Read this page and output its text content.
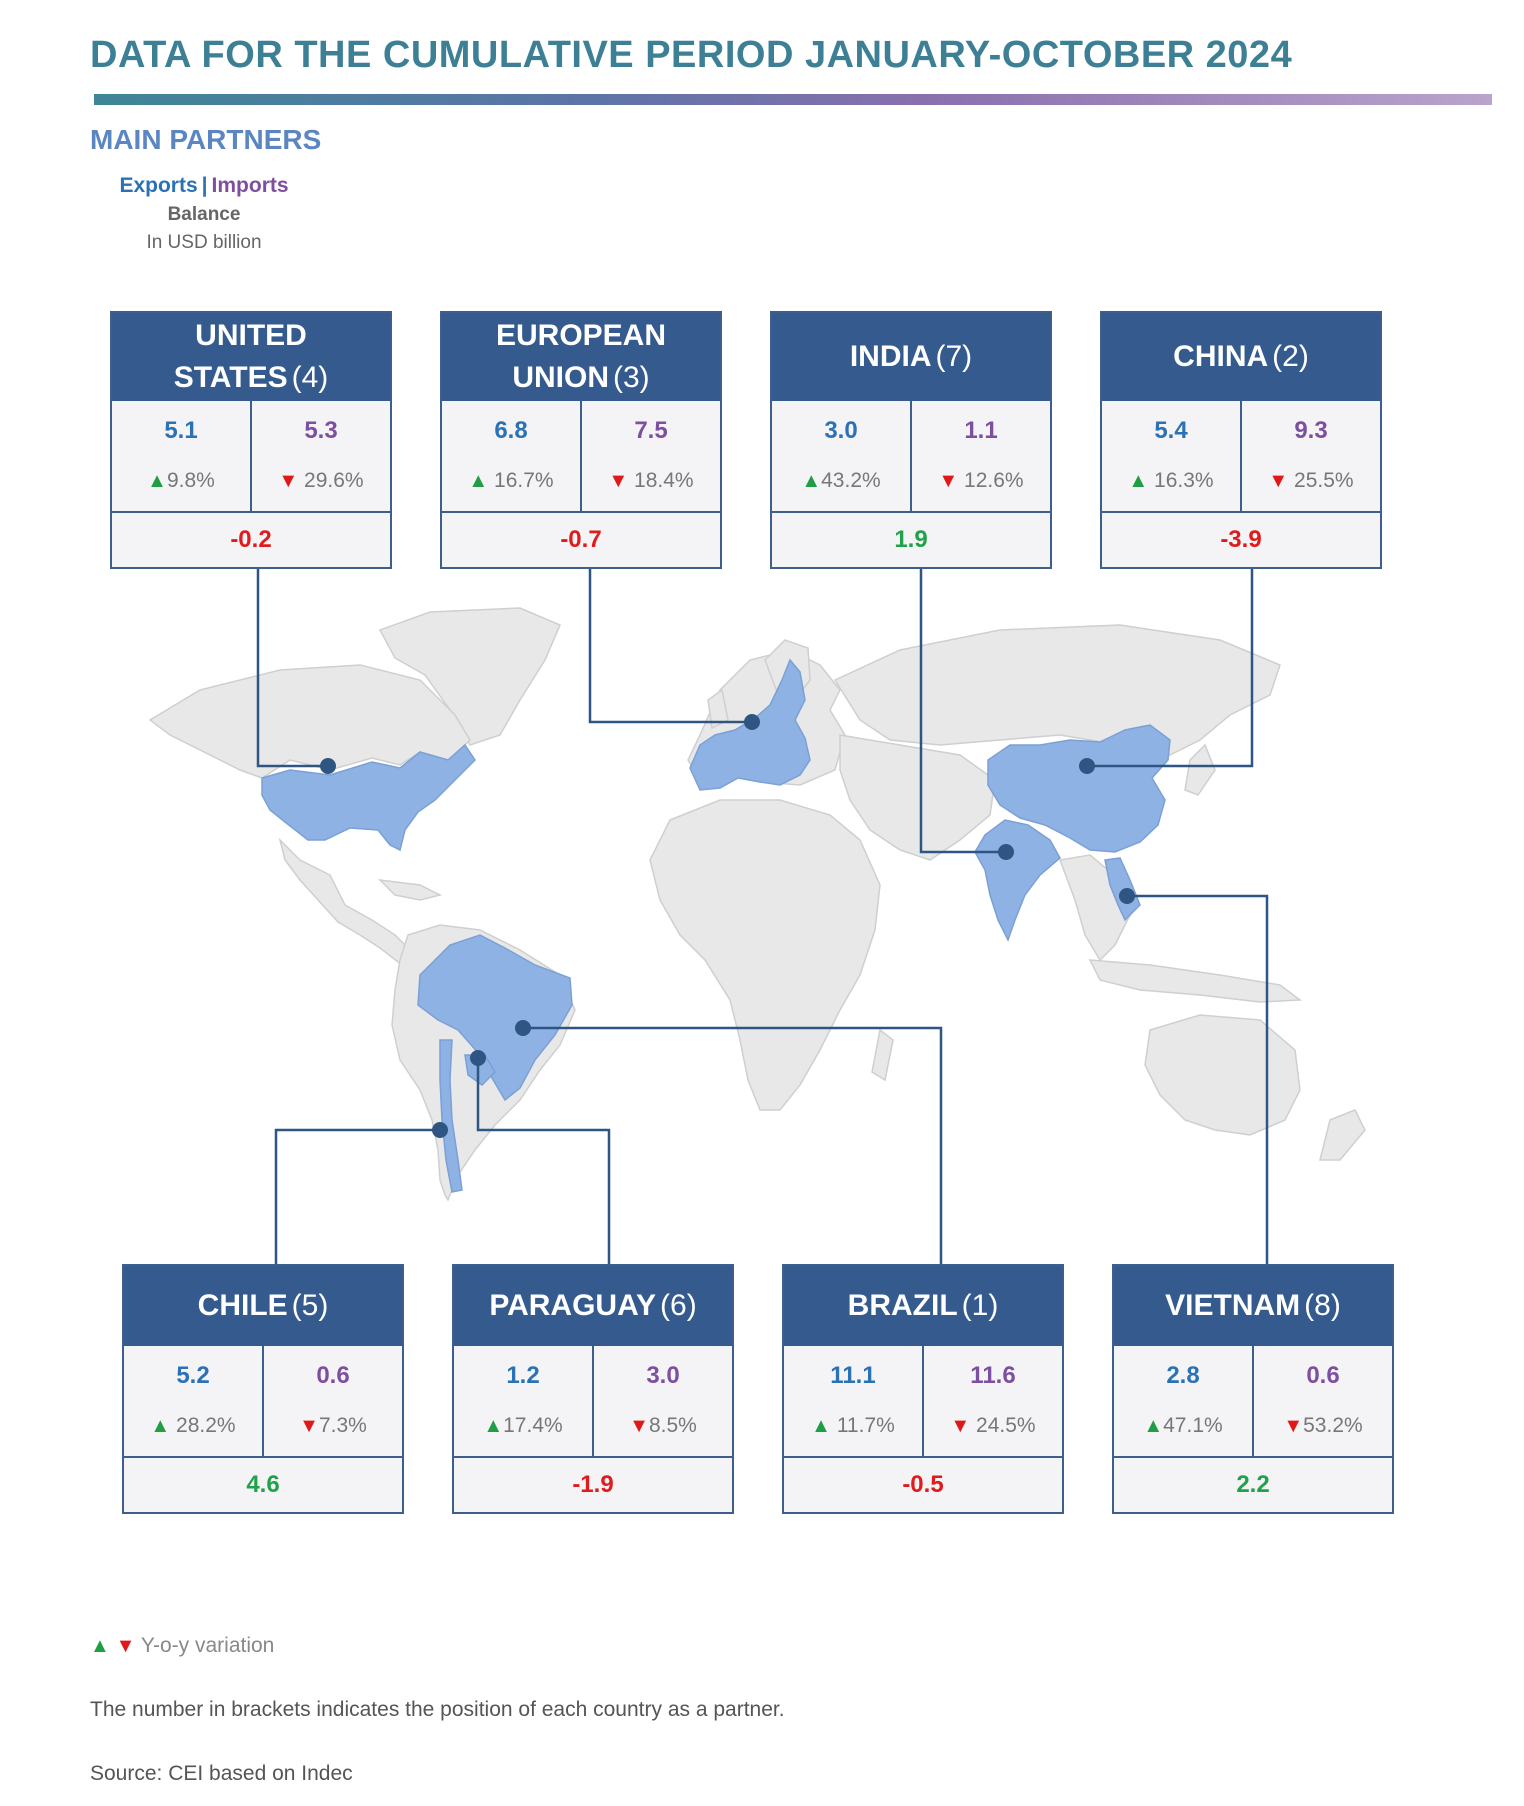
DATA FOR THE CUMULATIVE PERIOD JANUARY-OCTOBER 2024
MAIN PARTNERS
Exports | Imports
Balance
In USD billion
UNITED STATES (4)
5.1
▲9.8%
5.3
▼ 29.6%
-0.2
EUROPEAN UNION (3)
6.8
▲ 16.7%
7.5
▼ 18.4%
-0.7
INDIA (7)
3.0
▲43.2%
1.1
▼ 12.6%
1.9
CHINA (2)
5.4
▲ 16.3%
9.3
▼ 25.5%
-3.9
CHILE (5)
5.2
▲ 28.2%
0.6
▼7.3%
4.6
PARAGUAY (6)
1.2
▲17.4%
3.0
▼8.5%
-1.9
BRAZIL (1)
11.1
▲ 11.7%
11.6
▼ 24.5%
-0.5
VIETNAM (8)
2.8
▲47.1%
0.6
▼53.2%
2.2
▲ ▼ Y-o-y variation
The number in brackets indicates the position of each country as a partner.
Source: CEI based on Indec
